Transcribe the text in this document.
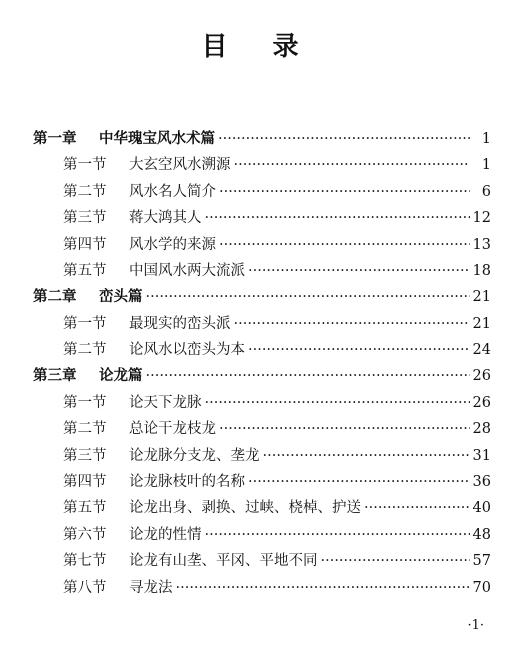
目 录
第一章	中华瑰宝风水术篇 ·····	1
第一节	大玄空风水溯源 ·····	1
第二节	风水名人简介 ·····	6
第三节	蒋大鸿其人 ·····	12
第四节	风水学的来源 ·····	13
第五节	中国风水两大流派 ·····	18
第二章	峦头篇 ·····	21
第一节	最现实的峦头派 ·····	21
第二节	论风水以峦头为本 ·····	24
第三章	论龙篇 ·····	26
第一节	论天下龙脉 ·····	26
第二节	总论干龙枝龙 ·····	28
第三节	论龙脉分支龙、垄龙 ·····	31
第四节	论龙脉枝叶的名称 ·····	36
第五节	论龙出身、剥换、过峡、桡棹、护送 ·····	40
第六节	论龙的性情 ·····	48
第七节	论龙有山垄、平冈、平地不同 ·····	57
第八节	寻龙法 ·····	70
·1·
